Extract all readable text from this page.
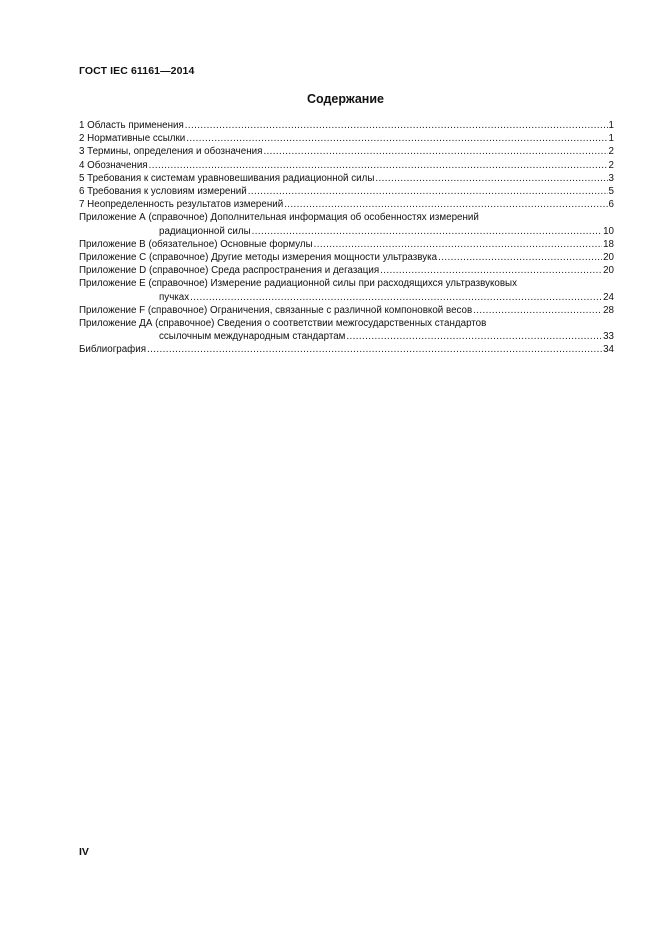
ГОСТ IEC 61161—2014
Содержание
1 Область применения .....	1
2 Нормативные ссылки .....	1
3 Термины, определения и обозначения .....	2
4 Обозначения .....	2
5 Требования к системам уравновешивания радиационной силы .....	3
6 Требования к условиям измерений .....	5
7 Неопределенность результатов измерений .....	6
Приложение А (справочное) Дополнительная информация об особенностях измерений
радиационной силы .....	10
Приложение В (обязательное) Основные формулы .....	18
Приложение С (справочное) Другие методы измерения мощности ультразвука .....	20
Приложение D (справочное) Среда распространения и дегазация .....	20
Приложение Е (справочное) Измерение радиационной силы при расходящихся ультразвуковых
пучках .....	24
Приложение F (справочное) Ограничения, связанные с различной компоновкой весов .....	28
Приложение ДА (справочное) Сведения о соответствии межгосударственных стандартов
ссылочным международным стандартам .....	33
Библиография .....	34
IV
